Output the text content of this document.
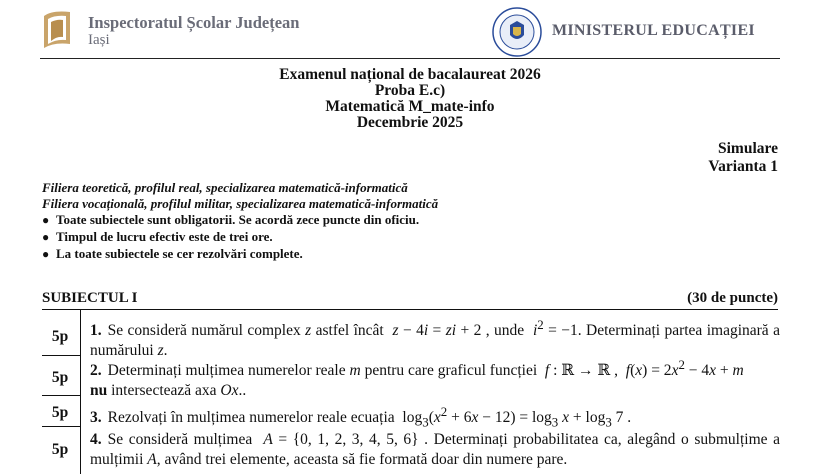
Inspectoratul Școlar Județean
Iași
MINISTERUL EDUCAȚIEI
Examenul național de bacalaureat 2026
Proba E.c)
Matematică M_mate-info
Decembrie 2025
Simulare
Varianta 1
Filiera teoretică, profilul real, specializarea matematică-informatică
Filiera vocațională, profilul militar, specializarea matematică-informatică
● Toate subiectele sunt obligatorii. Se acordă zece puncte din oficiu.
● Timpul de lucru efectiv este de trei ore.
● La toate subiectele se cer rezolvări complete.
SUBIECTUL I	(30 de puncte)
5p
5p
5p
5p
1. Se consideră numărul complex z astfel încât  z − 4i = zi + 2 , unde  $i^2 = -1$. Determinați partea imaginară a numărului z.
2. Determinați mulțimea numerelor reale m pentru care graficul funcției  f : ℝ → ℝ ,  $f(x) = 2x^2 - 4x + m$
nu intersectează axa Ox..
3. Rezolvați în mulțimea numerelor reale ecuația  $\log_3(x^2 + 6x - 12) = \log_3 x + \log_3 7$ .
4. Se consideră mulțimea  A = {0, 1, 2, 3, 4, 5, 6} . Determinați probabilitatea ca, alegând o submulțime a mulțimii A, având trei elemente, aceasta să fie formată doar din numere pare.
